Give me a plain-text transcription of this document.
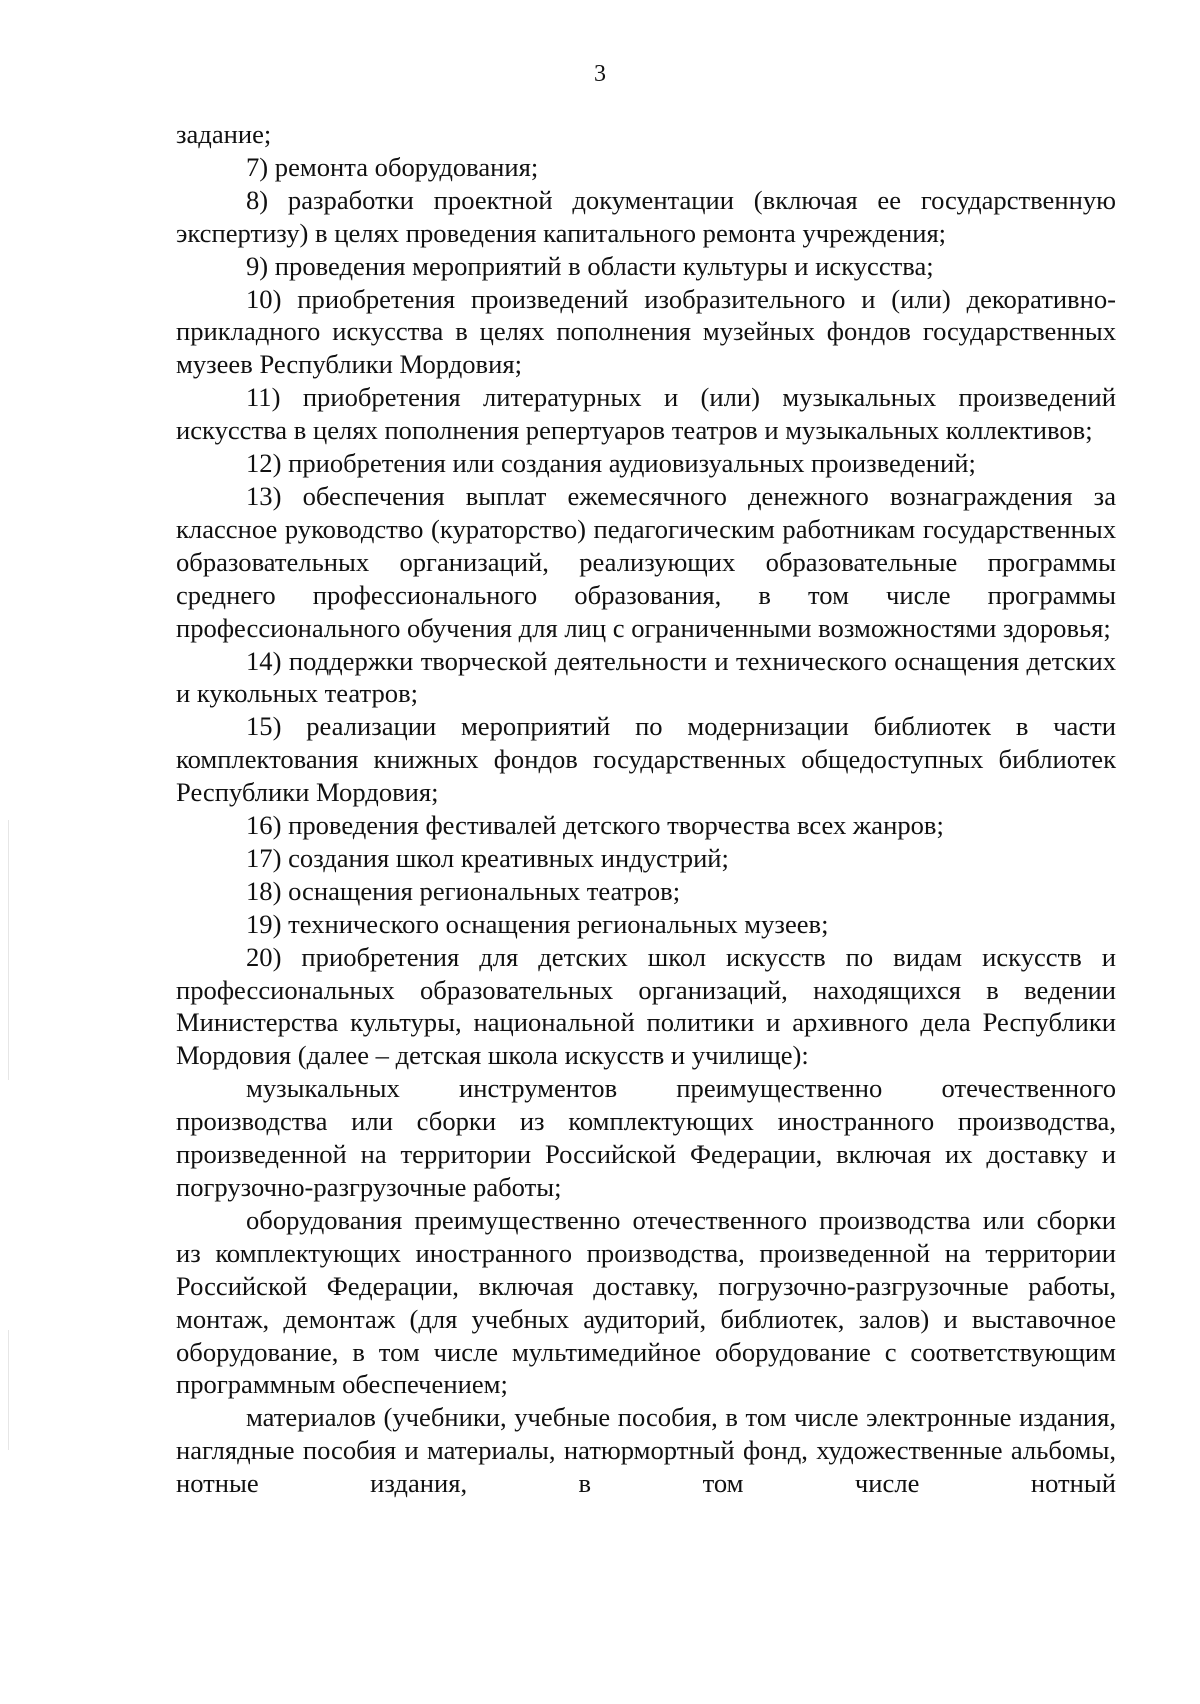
3

задание;

7) ремонта оборудования;

8) разработки проектной документации (включая ее государственную экспертизу) в целях проведения капитального ремонта учреждения;

9) проведения мероприятий в области культуры и искусства;

10) приобретения произведений изобразительного и (или) декоративно-прикладного искусства в целях пополнения музейных фондов государственных музеев Республики Мордовия;

11) приобретения литературных и (или) музыкальных произведений искусства в целях пополнения репертуаров театров и музыкальных коллективов;

12) приобретения или создания аудиовизуальных произведений;

13) обеспечения выплат ежемесячного денежного вознаграждения за классное руководство (кураторство) педагогическим работникам государственных образовательных организаций, реализующих образовательные программы среднего профессионального образования, в том числе программы профессионального обучения для лиц с ограниченными возможностями здоровья;

14) поддержки творческой деятельности и технического оснащения детских и кукольных театров;

15) реализации мероприятий по модернизации библиотек в части комплектования книжных фондов государственных общедоступных библиотек Республики Мордовия;

16) проведения фестивалей детского творчества всех жанров;

17) создания школ креативных индустрий;

18) оснащения региональных театров;

19) технического оснащения региональных музеев;

20) приобретения для детских школ искусств по видам искусств и профессиональных образовательных организаций, находящихся в ведении Министерства культуры, национальной политики и архивного дела Республики Мордовия (далее – детская школа искусств и училище):

музыкальных инструментов преимущественно отечественного производства или сборки из комплектующих иностранного производства, произведенной на территории Российской Федерации, включая их доставку и погрузочно-разгрузочные работы;

оборудования преимущественно отечественного производства или сборки из комплектующих иностранного производства, произведенной на территории Российской Федерации, включая доставку, погрузочно-разгрузочные работы, монтаж, демонтаж (для учебных аудиторий, библиотек, залов) и выставочное оборудование, в том числе мультимедийное оборудование с соответствующим программным обеспечением;

материалов (учебники, учебные пособия, в том числе электронные издания, наглядные пособия и материалы, натюрмортный фонд, художественные альбомы, нотные издания, в том числе нотный
